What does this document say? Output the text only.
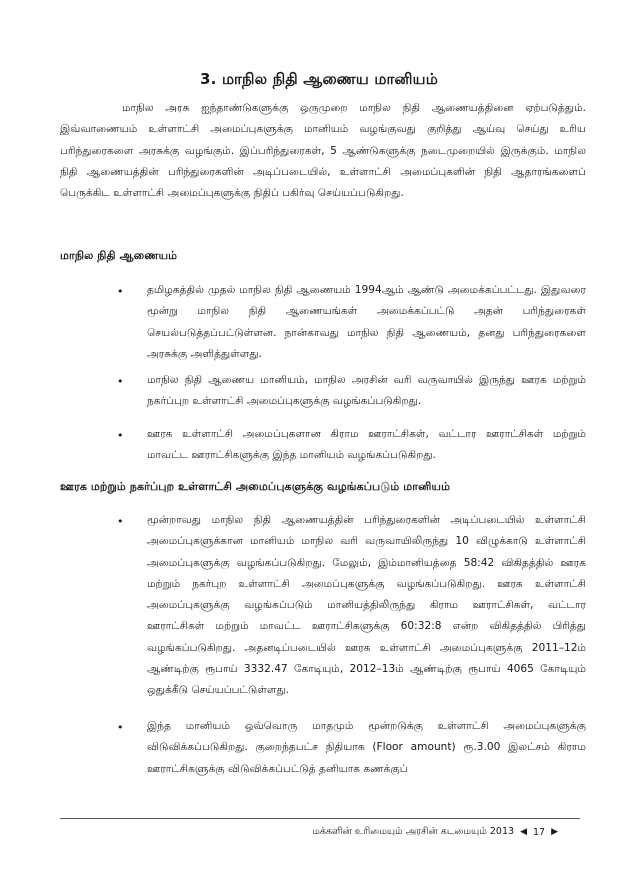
3. மாநில நிதி ஆணைய மானியம்
மாநில அரசு ஐந்தாண்டுகளுக்கு ஒருமுறை மாநில நிதி ஆணையத்தினை ஏற்படுத்தும். இவ்வாணையம் உள்ளாட்சி அமைப்புகளுக்கு மானியம் வழங்குவது குறித்து ஆய்வு செய்து உரிய பரிந்துரைகளை அரசுக்கு வழங்கும். இப்பரிந்துரைகள், 5 ஆண்டுகளுக்கு நடைமுறையில் இருக்கும். மாநில நிதி ஆணையத்தின் பரிந்துரைகளின் அடிப்படையில், உள்ளாட்சி அமைப்புகளின் நிதி ஆதாரங்களைப் பெருக்கிட உள்ளாட்சி அமைப்புகளுக்கு நிதிப் பகிர்வு செய்யப்படுகிறது.
மாநில நிதி ஆணையம்
• தமிழகத்தில் முதல் மாநில நிதி ஆணையம் 1994ஆம் ஆண்டு அமைக்கப்பட்டது. இதுவரை மூன்று மாநில நிதி ஆணையங்கள் அமைக்கப்பட்டு அதன் பரிந்துரைகள் செயல்படுத்தப்பட்டுள்ளன. நான்காவது மாநில நிதி ஆணையம், தனது பரிந்துரைகளை அரசுக்கு அளித்துள்ளது.
• மாநில நிதி ஆணைய மானியம், மாநில அரசின் வரி வருவாயில் இருந்து ஊரக மற்றும் நகர்ப்புற உள்ளாட்சி அமைப்புகளுக்கு வழங்கப்படுகிறது.
• ஊரக உள்ளாட்சி அமைப்புகளான கிராம ஊராட்சிகள், வட்டார ஊராட்சிகள் மற்றும் மாவட்ட ஊராட்சிகளுக்கு இந்த மானியம் வழங்கப்படுகிறது.
ஊரக மற்றும் நகர்ப்புற உள்ளாட்சி அமைப்புகளுக்கு வழங்கப்படும் மானியம்
• மூன்றாவது மாநில நிதி ஆணையத்தின் பரிந்துரைகளின் அடிப்படையில் உள்ளாட்சி அமைப்புகளுக்கான மானியம் மாநில வரி வருவாயிலிருந்து 10 விழுக்காடு உள்ளாட்சி அமைப்புகளுக்கு வழங்கப்படுகிறது. மேலும், இம்மானியத்தை 58:42 விகிதத்தில் ஊரக மற்றும் நகர்புற உள்ளாட்சி அமைப்புகளுக்கு வழங்கப்படுகிறது. ஊரக உள்ளாட்சி அமைப்புகளுக்கு வழங்கப்படும் மானியத்திலிருந்து கிராம ஊராட்சிகள், வட்டார ஊராட்சிகள் மற்றும் மாவட்ட ஊராட்சிகளுக்கு 60:32:8 என்ற விகிதத்தில் பிரித்து வழங்கப்படுகிறது. அதனடிப்படையில் ஊரக உள்ளாட்சி அமைப்புகளுக்கு 2011–12ம் ஆண்டிற்கு ரூபாய் 3332.47 கோடியும், 2012–13ம் ஆண்டிற்கு ரூபாய் 4065 கோடியும் ஒதுக்கீடு செய்யப்பட்டுள்ளது.
• இந்த மானியம் ஒவ்வொரு மாதமும் மூன்றடுக்கு உள்ளாட்சி அமைப்புகளுக்கு விடுவிக்கப்படுகிறது. குறைந்தபட்ச நிதியாக (Floor amount) ரூ.3.00 இலட்சம் கிராம ஊராட்சிகளுக்கு விடுவிக்கப்பட்டுத் தனியாக கணக்குப்
மக்களின் உரிமையும் அரசின் கடமையும் 2013 ◀ 17 ▶
